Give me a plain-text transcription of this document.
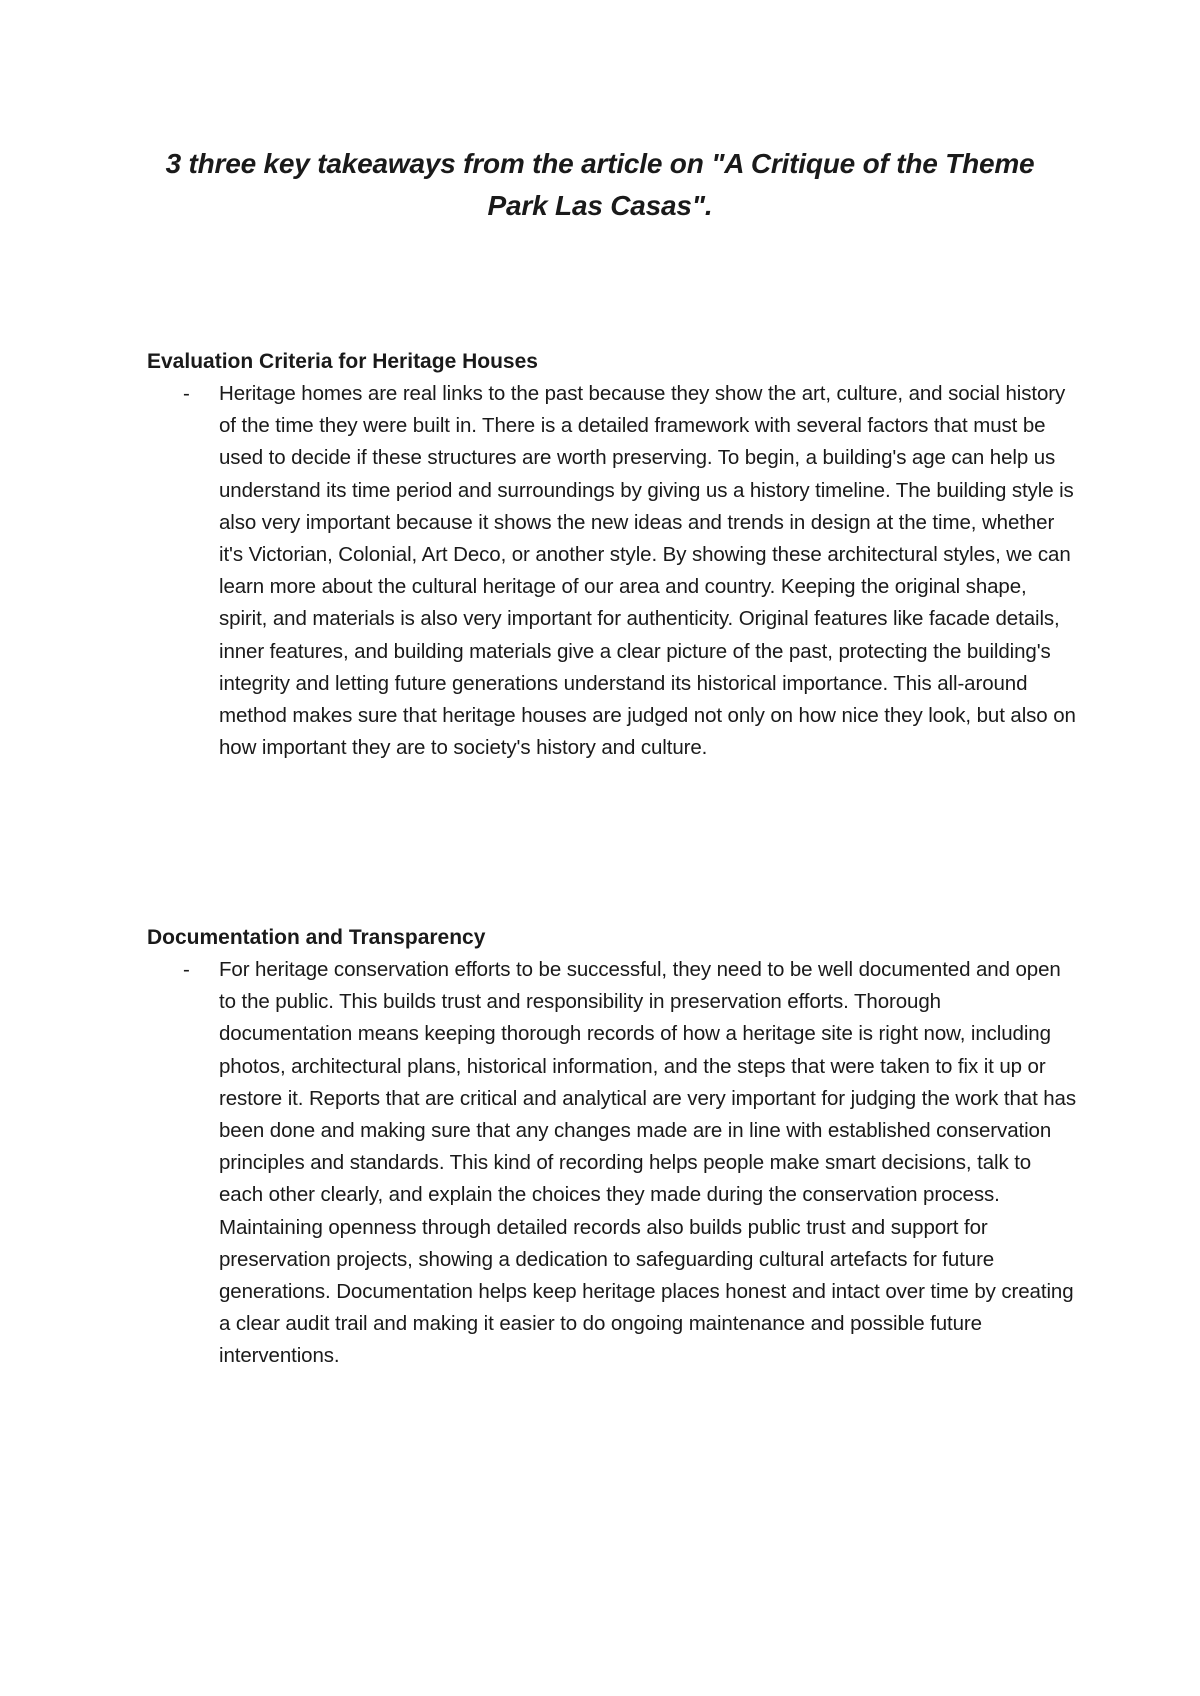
3 three key takeaways from the article on "A Critique of the Theme Park Las Casas".
Evaluation Criteria for Heritage Houses
- Heritage homes are real links to the past because they show the art, culture, and social history of the time they were built in. There is a detailed framework with several factors that must be used to decide if these structures are worth preserving. To begin, a building's age can help us understand its time period and surroundings by giving us a history timeline. The building style is also very important because it shows the new ideas and trends in design at the time, whether it's Victorian, Colonial, Art Deco, or another style. By showing these architectural styles, we can learn more about the cultural heritage of our area and country. Keeping the original shape, spirit, and materials is also very important for authenticity. Original features like facade details, inner features, and building materials give a clear picture of the past, protecting the building's integrity and letting future generations understand its historical importance. This all-around method makes sure that heritage houses are judged not only on how nice they look, but also on how important they are to society's history and culture.
Documentation and Transparency
- For heritage conservation efforts to be successful, they need to be well documented and open to the public. This builds trust and responsibility in preservation efforts. Thorough documentation means keeping thorough records of how a heritage site is right now, including photos, architectural plans, historical information, and the steps that were taken to fix it up or restore it. Reports that are critical and analytical are very important for judging the work that has been done and making sure that any changes made are in line with established conservation principles and standards. This kind of recording helps people make smart decisions, talk to each other clearly, and explain the choices they made during the conservation process. Maintaining openness through detailed records also builds public trust and support for preservation projects, showing a dedication to safeguarding cultural artefacts for future generations. Documentation helps keep heritage places honest and intact over time by creating a clear audit trail and making it easier to do ongoing maintenance and possible future interventions.
